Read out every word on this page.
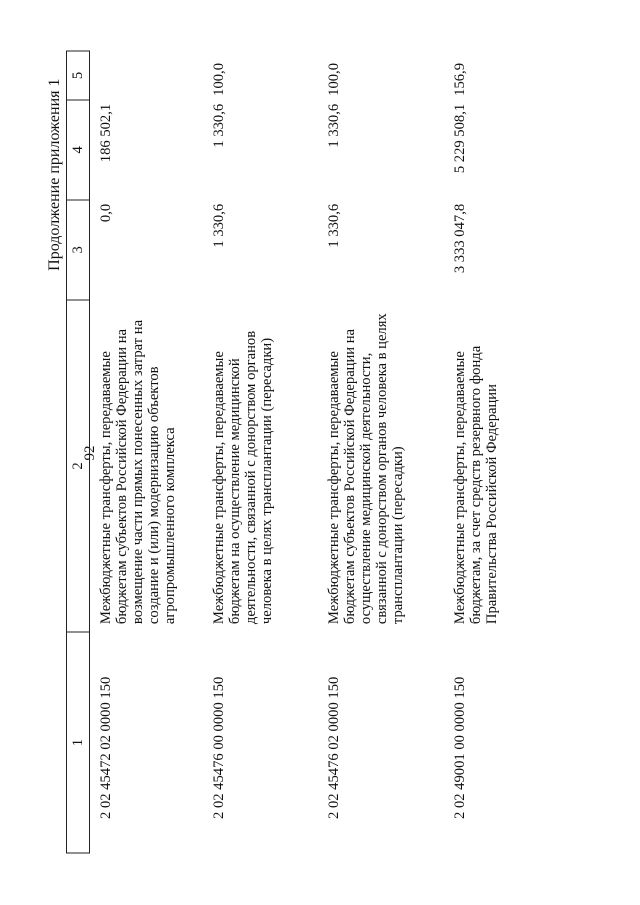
92
Продолжение приложения 1
1	2	3	4	5
2 02 45472 02 0000 150	Межбюджетные трансферты, передаваемые бюджетам субъектов Российской Федерации на возмещение части прямых понесенных затрат на создание и (или) модернизацию объектов агропромышленного комплекса	0,0	186 502,1	
2 02 45476 00 0000 150	Межбюджетные трансферты, передаваемые бюджетам на осуществление медицинской деятельности, связанной с донорством органов человека в целях трансплантации (пересадки)	1 330,6	1 330,6	100,0
2 02 45476 02 0000 150	Межбюджетные трансферты, передаваемые бюджетам субъектов Российской Федерации на осуществление медицинской деятельности, связанной с донорством органов человека в целях трансплантации (пересадки)	1 330,6	1 330,6	100,0
2 02 49001 00 0000 150	Межбюджетные трансферты, передаваемые бюджетам, за счет средств резервного фонда Правительства Российской Федерации	3 333 047,8	5 229 508,1	156,9
